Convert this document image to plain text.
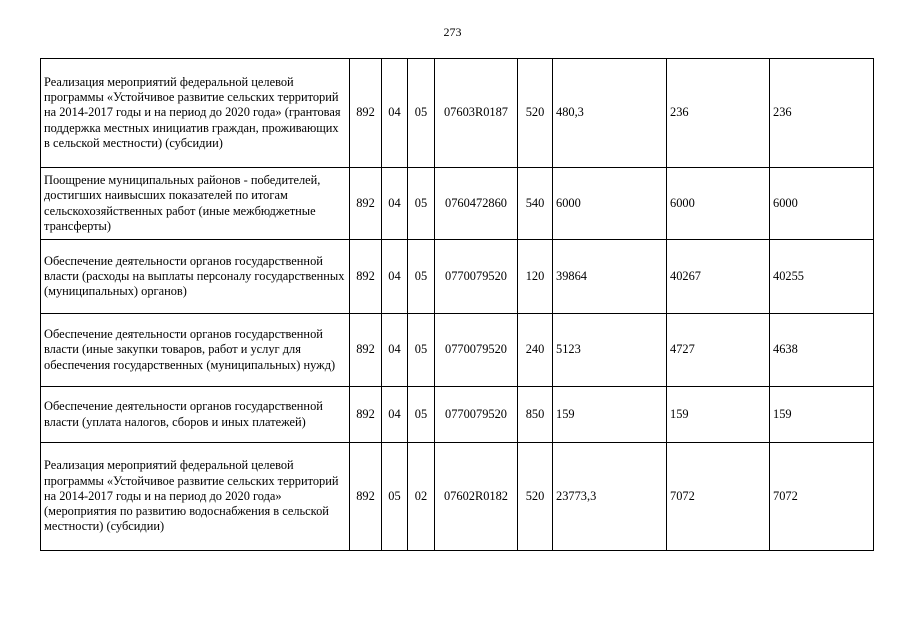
273
Реализация мероприятий федеральной целевой программы «Устойчивое развитие сельских территорий на 2014-2017 годы и на период до 2020 года» (грантовая поддержка местных инициатив граждан, проживающих в сельской местности) (субсидии)	892	04	05	07603R0187	520	480,3	236	236
Поощрение муниципальных районов - победителей, достигших наивысших показателей по итогам сельскохозяйственных работ (иные межбюджетные трансферты)	892	04	05	0760472860	540	6000	6000	6000
Обеспечение деятельности органов государственной власти (расходы на выплаты персоналу государственных (муниципальных) органов)	892	04	05	0770079520	120	39864	40267	40255
Обеспечение деятельности органов государственной власти (иные закупки товаров, работ и услуг для обеспечения государственных (муниципальных) нужд)	892	04	05	0770079520	240	5123	4727	4638
Обеспечение деятельности органов государственной власти (уплата налогов, сборов и иных платежей)	892	04	05	0770079520	850	159	159	159
Реализация мероприятий федеральной целевой программы «Устойчивое развитие сельских территорий на 2014-2017 годы и на период до 2020 года» (мероприятия по развитию водоснабжения в сельской местности) (субсидии)	892	05	02	07602R0182	520	23773,3	7072	7072
